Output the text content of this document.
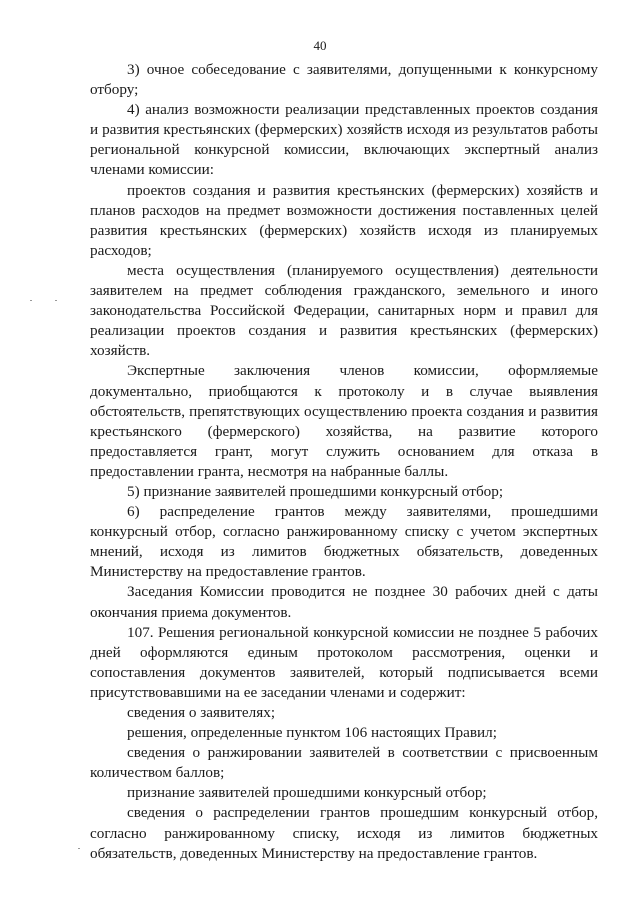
40

3) очное собеседование с заявителями, допущенными к конкурсному отбору;

4) анализ возможности реализации представленных проектов создания и развития крестьянских (фермерских) хозяйств исходя из результатов работы региональной конкурсной комиссии, включающих экспертный анализ членами комиссии:

проектов создания и развития крестьянских (фермерских) хозяйств и планов расходов на предмет возможности достижения поставленных целей развития крестьянских (фермерских) хозяйств исходя из планируемых расходов;

места осуществления (планируемого осуществления) деятельности заявителем на предмет соблюдения гражданского, земельного и иного законодательства Российской Федерации, санитарных норм и правил для реализации проектов создания и развития крестьянских (фермерских) хозяйств.

Экспертные заключения членов комиссии, оформляемые документально, приобщаются к протоколу и в случае выявления обстоятельств, препятствующих осуществлению проекта создания и развития крестьянского (фермерского) хозяйства, на развитие которого предоставляется грант, могут служить основанием для отказа в предоставлении гранта, несмотря на набранные баллы.

5) признание заявителей прошедшими конкурсный отбор;

6) распределение грантов между заявителями, прошедшими конкурсный отбор, согласно ранжированному списку с учетом экспертных мнений, исходя из лимитов бюджетных обязательств, доведенных Министерству на предоставление грантов.

Заседания Комиссии проводится не позднее 30 рабочих дней с даты окончания приема документов.

107. Решения региональной конкурсной комиссии не позднее 5 рабочих дней оформляются единым протоколом рассмотрения, оценки и сопоставления документов заявителей, который подписывается всеми присутствовавшими на ее заседании членами и содержит:

сведения о заявителях;

решения, определенные пунктом 106 настоящих Правил;

сведения о ранжировании заявителей в соответствии с присвоенным количеством баллов;

признание заявителей прошедшими конкурсный отбор;

сведения о распределении грантов прошедшим конкурсный отбор, согласно ранжированному списку, исходя из лимитов бюджетных обязательств, доведенных Министерству на предоставление грантов.
